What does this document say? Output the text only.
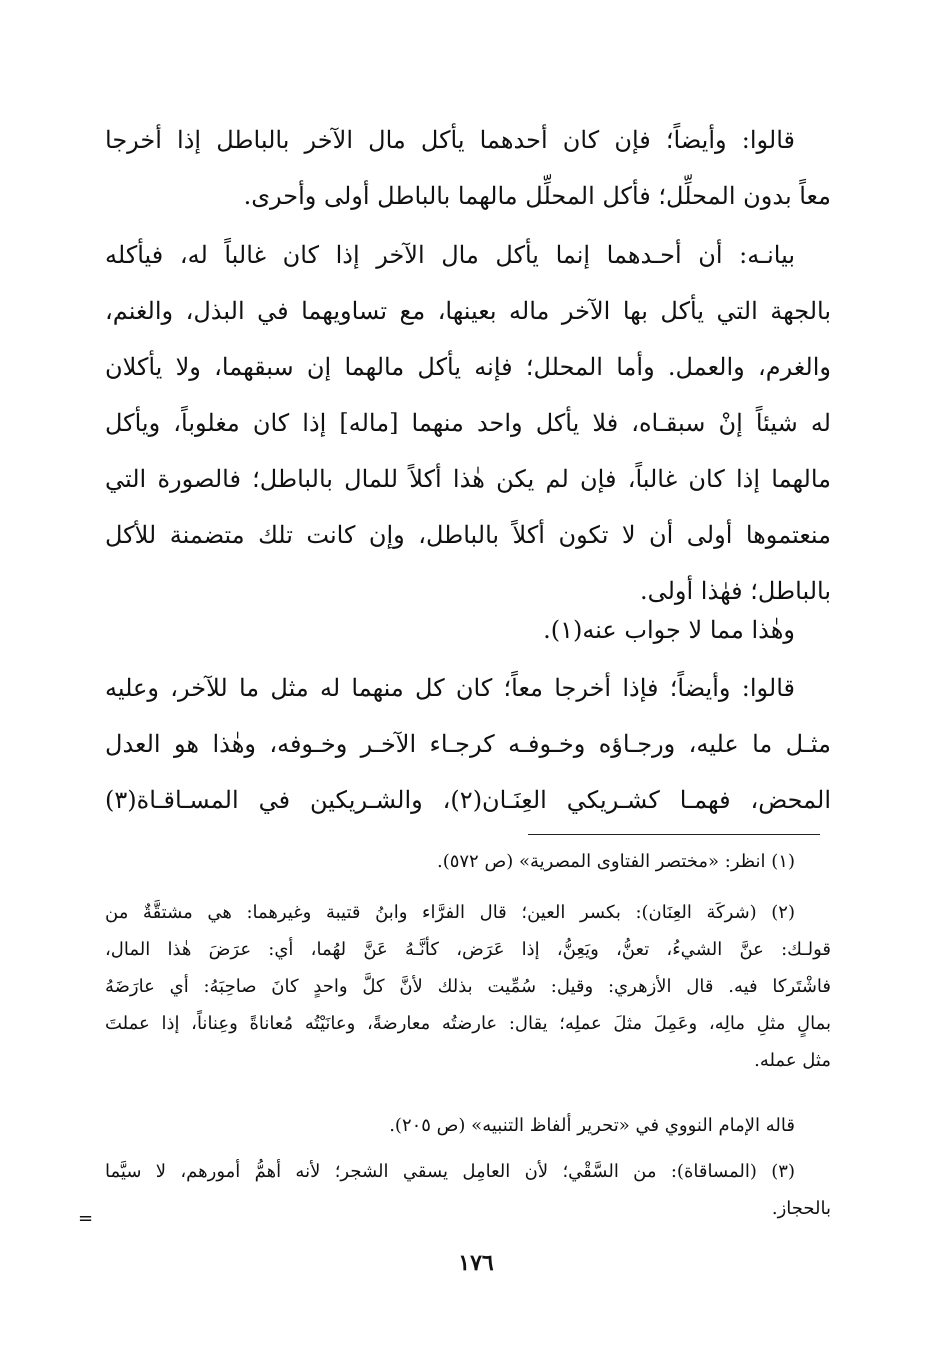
قالوا: وأيضاً؛ فإن كان أحدهما يأكل مال الآخر بالباطل إذا أخرجا
معاً بدون المحلِّل؛ فأكل المحلِّل مالهما بالباطل أولى وأحرى.
بيانـه: أن أحـدهما إنما يأكل مال الآخر إذا كان غالباً له، فيأكله
بالجهة التي يأكل بها الآخر ماله بعينها، مع تساويهما في البذل، والغنم،
والغرم، والعمل. وأما المحلل؛ فإنه يأكل مالهما إن سبقهما، ولا يأكلان
له شيئاً إنْ سبقـاه، فلا يأكل واحد منهما [ماله] إذا كان مغلوباً، ويأكل
مالهما إذا كان غالباً، فإن لم يكن هٰذا أكلاً للمال بالباطل؛ فالصورة التي
منعتموها أولى أن لا تكون أكلاً بالباطل، وإن كانت تلك متضمنة للأكل
بالباطل؛ فهٰذا أولى.
وهٰذا مما لا جواب عنه(١).
قالوا: وأيضاً؛ فإذا أخرجا معاً؛ كان كل منهما له مثل ما للآخر، وعليه
مثـل ما عليه، ورجـاؤه وخـوفـه كرجـاء الآخـر وخـوفه، وهٰذا هو العدل
المحض، فهمـا كشـريكي العِنَـان(٢)، والشـريكين في المسـاقـاة(٣)
(١) انظر: «مختصر الفتاوى المصرية» (ص ٥٧٢).
(٢) (شركَة العِنَان): بكسر العين؛ قال الفرَّاء وابنُ قتيبة وغيرهما: هي مشتقَّةٌ من
قولـك: عنَّ الشيءُ، تعنُّ، ويَعِنُّ، إذا عَرَض، كأنَّـهُ عَنَّ لهُما، أي: عرَضَ هٰذا المال،
فاشْتَركا فيه. قال الأزهري: وقيل: سُمِّيت بذلك لأنَّ كلَّ واحدٍ كانَ صاحِبَهُ: أي عارَضَهُ
بمالٍ مثلِ مالِه، وعَمِلَ مثلَ عملِه؛ يقال: عارضتُه معارضةً، وعانَيْتُه مُعاناةً وعِناناً، إذا عملتَ
مثل عمله.
قاله الإمام النووي في «تحرير ألفاظ التنبيه» (ص ٢٠٥).
(٣) (المساقاة): من السَّقْي؛ لأن العامِل يسقي الشجر؛ لأنه أهمُّ أمورهم، لا سيَّما
بالحجاز.
=
١٧٦
